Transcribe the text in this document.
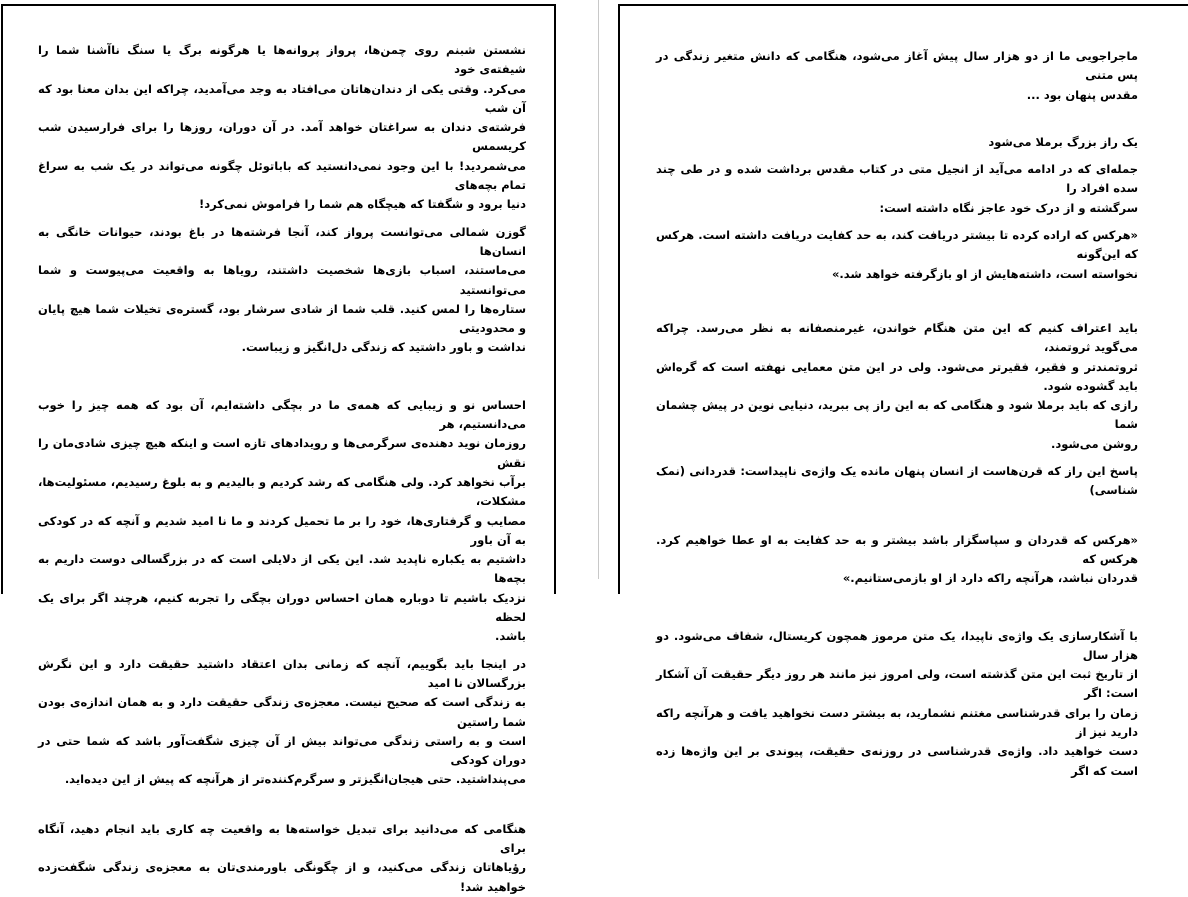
نشستن شبنم روی چمن‌ها، پرواز پروانه‌ها یا هرگونه برگ یا سنگ ناآشنا شما را شیفته‌ی خود
می‌کرد. وقتی یکی از دندان‌هاتان می‌افتاد به وجد می‌آمدید، چراکه این بدان معنا بود که آن شب
فرشته‌ی دندان به سراغتان خواهد آمد. در آن دوران، روزها را برای فرارسیدن شب کریسمس
می‌شمردید! با این وجود نمی‌دانستید که باباتوئل چگونه می‌تواند در یک شب به سراغ تمام بچه‌های
دنیا برود و شگفتا که هیچگاه هم شما را فراموش نمی‌کرد!

گوزن شمالی می‌توانست پرواز کند، آنجا فرشته‌ها در باغ بودند، حیوانات خانگی به انسان‌ها
می‌ماستند، اسباب بازی‌ها شخصیت داشتند، رویاها به واقعیت می‌پیوست و شما می‌توانستید
ستاره‌ها را لمس کنید. قلب شما از شادی سرشار بود، گستره‌ی تخیلات شما هیچ پایان و محدودیتی
نداشت و باور داشتید که زندگی دل‌انگیز و زیباست.

احساس نو و زیبایی که همه‌ی ما در بچگی داشته‌ایم، آن بود که همه چیز را خوب می‌دانستیم، هر
روزمان نوید دهنده‌ی سرگرمی‌ها و رویدادهای تازه است و اینکه هیچ چیزی شادی‌مان را نقش
برآب نخواهد کرد. ولی هنگامی که رشد کردیم و بالیدیم و به بلوغ رسیدیم، مسئولیت‌ها، مشکلات،
مصایب و گرفتاری‌ها، خود را بر ما تحمیل کردند و ما نا امید شدیم و آنچه که در کودکی به آن باور
داشتیم به یکباره ناپدید شد. این یکی از دلایلی است که در بزرگسالی دوست داریم به بچه‌ها
نزدیک باشیم تا دوباره همان احساس دوران بچگی را تجربه کنیم، هرچند اگر برای یک لحظه
باشد.

در اینجا باید بگوییم، آنچه که زمانی بدان اعتقاد داشتید حقیقت دارد و این نگرش بزرگسالان نا امید
به زندگی است که صحیح نیست. معجزه‌ی زندگی حقیقت دارد و به همان اندازه‌ی بودن شما راستین
است و به راستی زندگی می‌تواند بیش از آن چیزی شگفت‌آور باشد که شما حتی در دوران کودکی
می‌پنداشتید. حتی هیجان‌انگیزتر و سرگرم‌کننده‌تر از هرآنچه که پیش از این دیده‌اید.

هنگامی که می‌دانید برای تبدیل خواسته‌ها به واقعیت چه کاری باید انجام دهید، آنگاه برای
رؤیاهاتان زندگی می‌کنید، و از چگونگی باورمندی‌تان به معجزه‌ی زندگی شگفت‌زده خواهید شد!

ماجراجویی ما از دو هزار سال پیش آغاز می‌شود، هنگامی که دانش متغیر زندگی در پس متنی
مقدس پنهان بود ...

یک راز بزرگ برملا می‌شود

جمله‌ای که در ادامه می‌آید از انجیل متی در کتاب مقدس برداشت شده و در طی چند سده افراد را
سرگشته و از درک خود عاجز نگاه داشته است:

«هرکس که اراده کرده تا بیشتر دریافت کند، به حد کفایت دریافت داشته است. هرکس که این‌گونه
نخواسته است، داشته‌هایش از او بازگرفته خواهد شد.»

باید اعتراف کنیم که این متن هنگام خواندن، غیرمنصفانه به نظر می‌رسد. چراکه می‌گوید ثروتمند،
ثروتمندتر و فقیر، فقیرتر می‌شود. ولی در این متن معمایی نهفته است که گره‌اش باید گشوده شود.
رازی که باید برملا شود و هنگامی که به این راز پی ببرید، دنیایی نوین در پیش چشمان شما
روشن می‌شود.

پاسخ این راز که قرن‌هاست از انسان پنهان مانده یک واژه‌ی ناپیداست: قدردانی (نمک شناسی)

«هرکس که قدردان و سپاسگزار باشد بیشتر و به حد کفایت به او عطا خواهیم کرد. هرکس که
قدردان نباشد، هرآنچه راکه دارد از او بازمی‌ستانیم.»

با آشکارسازی یک واژه‌ی ناپیدا، یک متن مرموز همچون کریستال، شفاف می‌شود. دو هزار سال
از تاریخ ثبت این متن گذشته است، ولی امروز نیز مانند هر روز دیگر حقیقت آن آشکار است: اگر
زمان را برای قدرشناسی مغتنم نشمارید، به بیشتر دست نخواهید یافت و هرآنچه راکه دارید نیز از
دست خواهید داد. واژه‌ی قدرشناسی در روزنه‌ی حقیقت، پیوندی بر این واژه‌ها زده است که اگر
